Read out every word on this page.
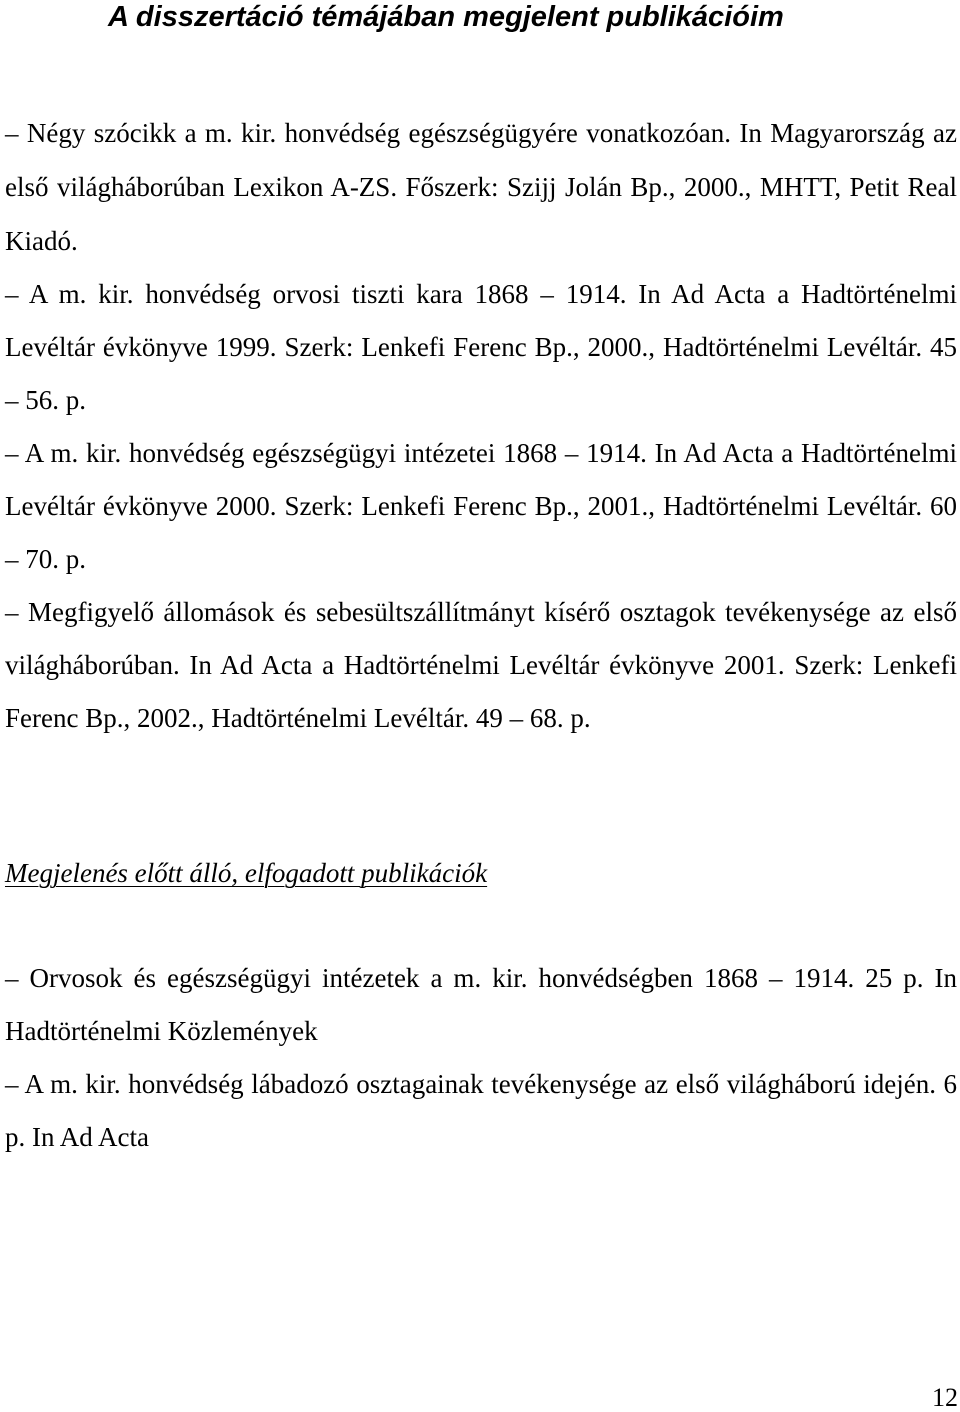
A disszertáció témájában megjelent publikációim

– Négy szócikk a m. kir. honvédség egészségügyére vonatkozóan. In Magyarország az első világháborúban Lexikon A-ZS. Főszerk: Szijj Jolán Bp., 2000., MHTT, Petit Real Kiadó.

– A m. kir. honvédség orvosi tiszti kara 1868 – 1914. In Ad Acta a Hadtörténelmi Levéltár évkönyve 1999. Szerk: Lenkefi Ferenc Bp., 2000., Hadtörténelmi Levéltár. 45 – 56. p.

– A m. kir. honvédség egészségügyi intézetei 1868 – 1914. In Ad Acta a Hadtörténelmi Levéltár évkönyve 2000. Szerk: Lenkefi Ferenc Bp., 2001., Hadtörténelmi Levéltár. 60 – 70. p.

– Megfigyelő állomások és sebesültszállítmányt kísérő osztagok tevékenysége az első világháborúban. In Ad Acta a Hadtörténelmi Levéltár évkönyve 2001. Szerk: Lenkefi Ferenc Bp., 2002., Hadtörténelmi Levéltár. 49 – 68. p.

Megjelenés előtt álló, elfogadott publikációk

– Orvosok és egészségügyi intézetek a m. kir. honvédségben 1868 – 1914. 25 p. In Hadtörténelmi Közlemények

– A m. kir. honvédség lábadozó osztagainak tevékenysége az első világháború idején. 6 p. In Ad Acta

12
